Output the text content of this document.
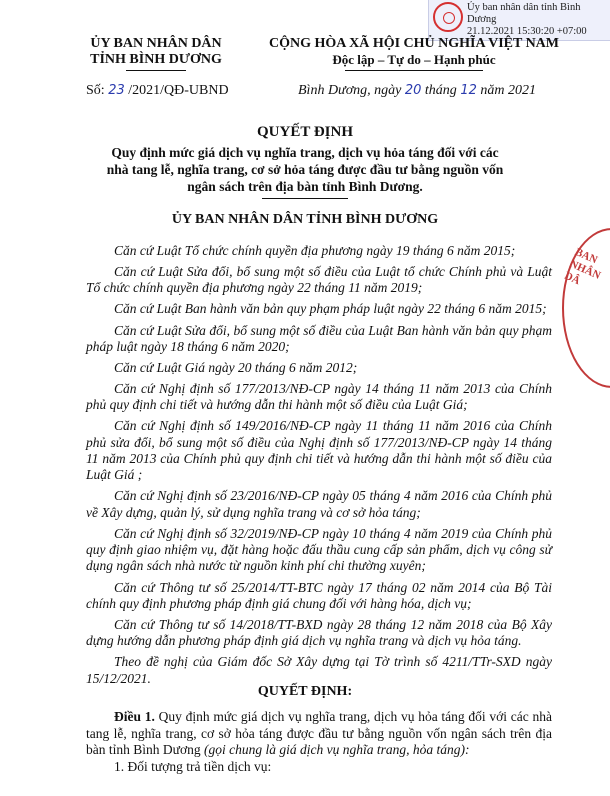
Ủy ban nhân dân tỉnh Bình Dương
21.12.2021 15:30:20 +07:00
BAN NHÂN DÂ
ỦY BAN NHÂN DÂN
TỈNH BÌNH DƯƠNG
CỘNG HÒA XÃ HỘI CHỦ NGHĨA VIỆT NAM
Độc lập – Tự do – Hạnh phúc
Số: 23 /2021/QĐ-UBND	Bình Dương, ngày 20 tháng 12 năm 2021
QUYẾT ĐỊNH
Quy định mức giá dịch vụ nghĩa trang, dịch vụ hỏa táng đối với các nhà tang lễ, nghĩa trang, cơ sở hỏa táng được đầu tư bằng nguồn vốn ngân sách trên địa bàn tỉnh Bình Dương.
ỦY BAN NHÂN DÂN TỈNH BÌNH DƯƠNG

Căn cứ Luật Tổ chức chính quyền địa phương ngày 19 tháng 6 năm 2015;

Căn cứ Luật Sửa đổi, bổ sung một số điều của Luật tổ chức Chính phủ và Luật Tổ chức chính quyền địa phương ngày 22 tháng 11 năm 2019;

Căn cứ Luật Ban hành văn bản quy phạm pháp luật ngày 22 tháng 6 năm 2015;

Căn cứ Luật Sửa đổi, bổ sung một số điều của Luật Ban hành văn bản quy phạm pháp luật ngày 18 tháng 6 năm 2020;

Căn cứ Luật Giá ngày 20 tháng 6 năm 2012;

Căn cứ Nghị định số 177/2013/NĐ-CP ngày 14 tháng 11 năm 2013 của Chính phủ quy định chi tiết và hướng dẫn thi hành một số điều của Luật Giá;

Căn cứ Nghị định số 149/2016/NĐ-CP ngày 11 tháng 11 năm 2016 của Chính phủ sửa đổi, bổ sung một số điều của Nghị định số 177/2013/NĐ-CP ngày 14 tháng 11 năm 2013 của Chính phủ quy định chi tiết và hướng dẫn thi hành một số điều của Luật Giá ;

Căn cứ Nghị định số 23/2016/NĐ-CP ngày 05 tháng 4 năm 2016 của Chính phủ về Xây dựng, quản lý, sử dụng nghĩa trang và cơ sở hỏa táng;

Căn cứ Nghị định số 32/2019/NĐ-CP ngày 10 tháng 4 năm 2019 của Chính phủ quy định giao nhiệm vụ, đặt hàng hoặc đấu thầu cung cấp sản phẩm, dịch vụ công sử dụng ngân sách nhà nước từ nguồn kinh phí chi thường xuyên;

Căn cứ Thông tư số 25/2014/TT-BTC ngày 17 tháng 02 năm 2014 của Bộ Tài chính quy định phương pháp định giá chung đối với hàng hóa, dịch vụ;

Căn cứ Thông tư số 14/2018/TT-BXD ngày 28 tháng 12 năm 2018 của Bộ Xây dựng hướng dẫn phương pháp định giá dịch vụ nghĩa trang và dịch vụ hỏa táng.

Theo đề nghị của Giám đốc Sở Xây dựng tại Tờ trình số 4211/TTr-SXD ngày 15/12/2021.

QUYẾT ĐỊNH:

Điều 1. Quy định mức giá dịch vụ nghĩa trang, dịch vụ hỏa táng đối với các nhà tang lễ, nghĩa trang, cơ sở hỏa táng được đầu tư bằng nguồn vốn ngân sách trên địa bàn tỉnh Bình Dương (gọi chung là giá dịch vụ nghĩa trang, hỏa táng):

1. Đối tượng trả tiền dịch vụ:
